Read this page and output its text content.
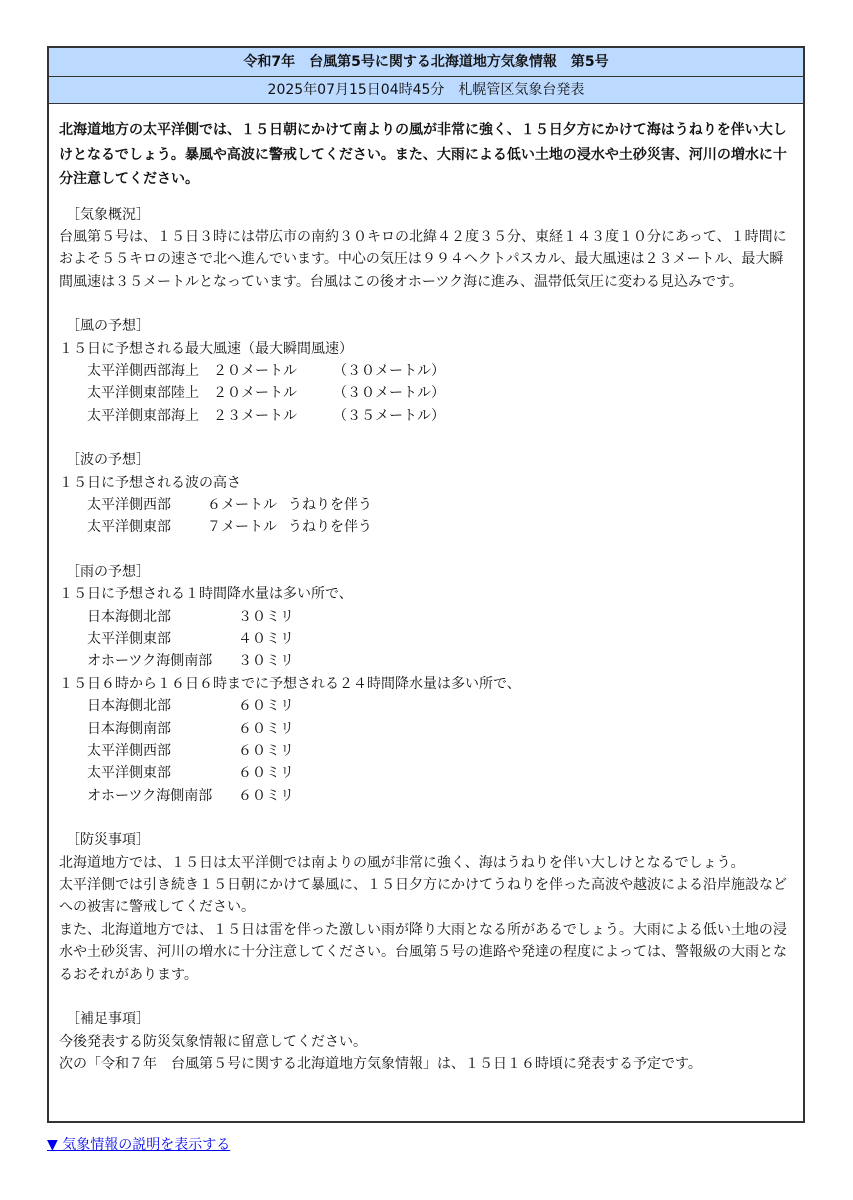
令和7年　台風第5号に関する北海道地方気象情報　第5号
2025年07月15日04時45分　札幌管区気象台発表

北海道地方の太平洋側では、１５日朝にかけて南よりの風が非常に強く、１５日夕方にかけて海はうねりを伴い大しけとなるでしょう。暴風や高波に警戒してください。また、大雨による低い土地の浸水や土砂災害、河川の増水に十分注意してください。

［気象概況］

台風第５号は、１５日３時には帯広市の南約３０キロの北緯４２度３５分、東経１４３度１０分にあって、１時間におよそ５５キロの速さで北へ進んでいます。中心の気圧は９９４ヘクトパスカル、最大風速は２３メートル、最大瞬間風速は３５メートルとなっています。台風はこの後オホーツク海に進み、温帯低気圧に変わる見込みです。

［風の予想］

１５日に予想される最大風速（最大瞬間風速）

太平洋側西部海上	２０メートル	（３０メートル）
太平洋側東部陸上	２０メートル	（３０メートル）
太平洋側東部海上	２３メートル	（３５メートル）

［波の予想］

１５日に予想される波の高さ

太平洋側西部	６メートル うねりを伴う
太平洋側東部	７メートル うねりを伴う

［雨の予想］

１５日に予想される１時間降水量は多い所で、

日本海側北部	３０ミリ
太平洋側東部	４０ミリ
オホーツク海側南部	３０ミリ

１５日６時から１６日６時までに予想される２４時間降水量は多い所で、

日本海側北部	６０ミリ
日本海側南部	６０ミリ
太平洋側西部	６０ミリ
太平洋側東部	６０ミリ
オホーツク海側南部	６０ミリ

［防災事項］

北海道地方では、１５日は太平洋側では南よりの風が非常に強く、海はうねりを伴い大しけとなるでしょう。

太平洋側では引き続き１５日朝にかけて暴風に、１５日夕方にかけてうねりを伴った高波や越波による沿岸施設などへの被害に警戒してください。

また、北海道地方では、１５日は雷を伴った激しい雨が降り大雨となる所があるでしょう。大雨による低い土地の浸水や土砂災害、河川の増水に十分注意してください。台風第５号の進路や発達の程度によっては、警報級の大雨となるおそれがあります。

［補足事項］

今後発表する防災気象情報に留意してください。

次の「令和７年　台風第５号に関する北海道地方気象情報」は、１５日１６時頃に発表する予定です。

▼ 気象情報の説明を表示する
